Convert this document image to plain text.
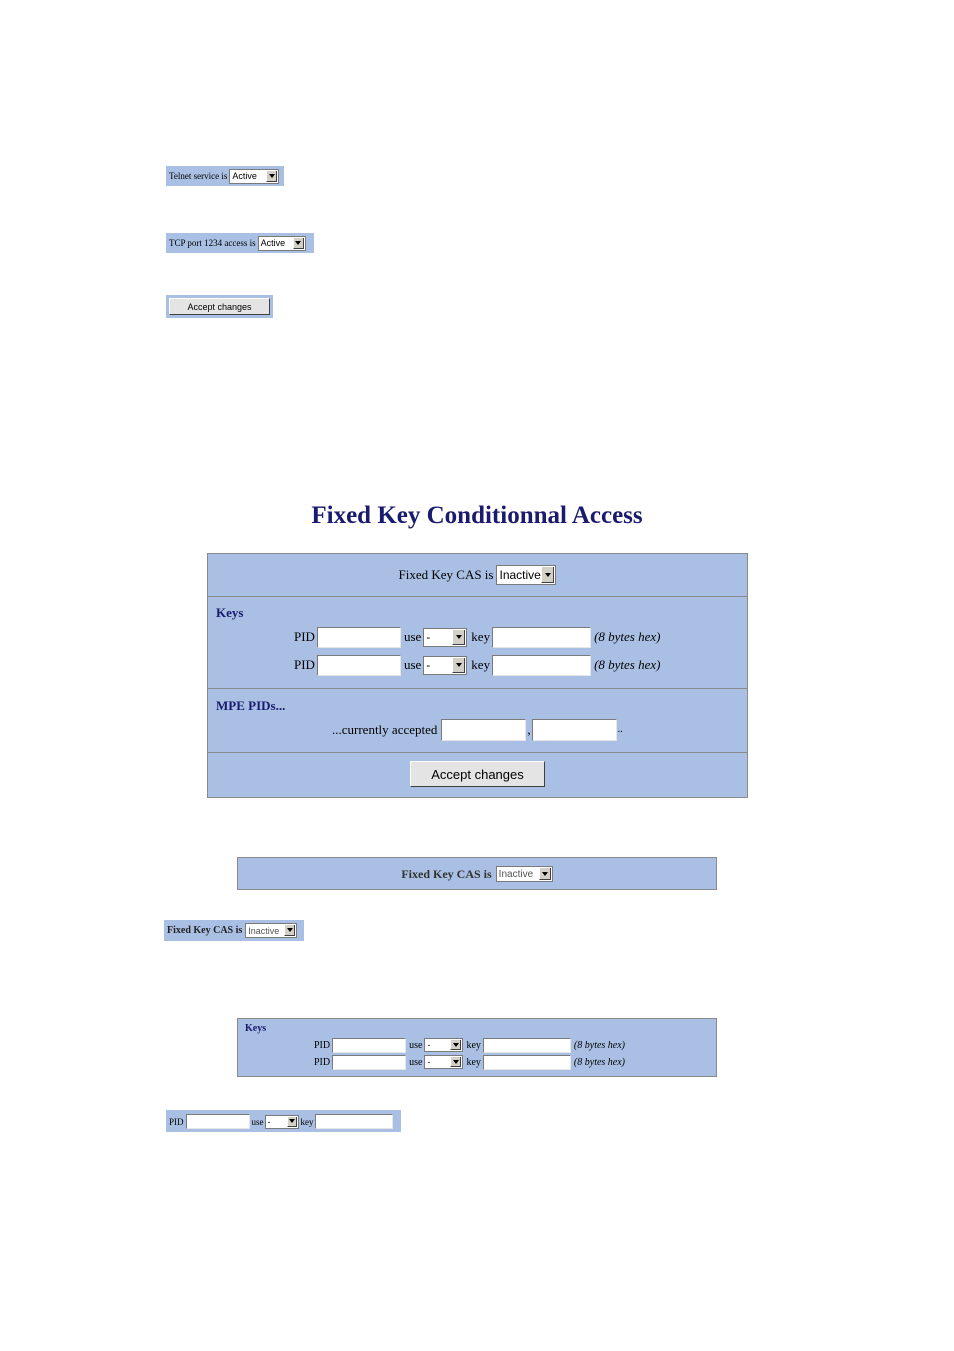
Telnet service is Active
TCP port 1234 access is Active
Accept changes
Fixed Key Conditionnal Access
Fixed Key CAS is Inactive
Keys
PID	use -	key	(8 bytes hex)
PID	use -	key	(8 bytes hex)
MPE PIDs...
...currently accepted	,	..
Accept changes
Fixed Key CAS is Inactive
Fixed Key CAS is Inactive
Keys
PID	use -	key	(8 bytes hex)
PID	use -	key	(8 bytes hex)
PID	use -	key
